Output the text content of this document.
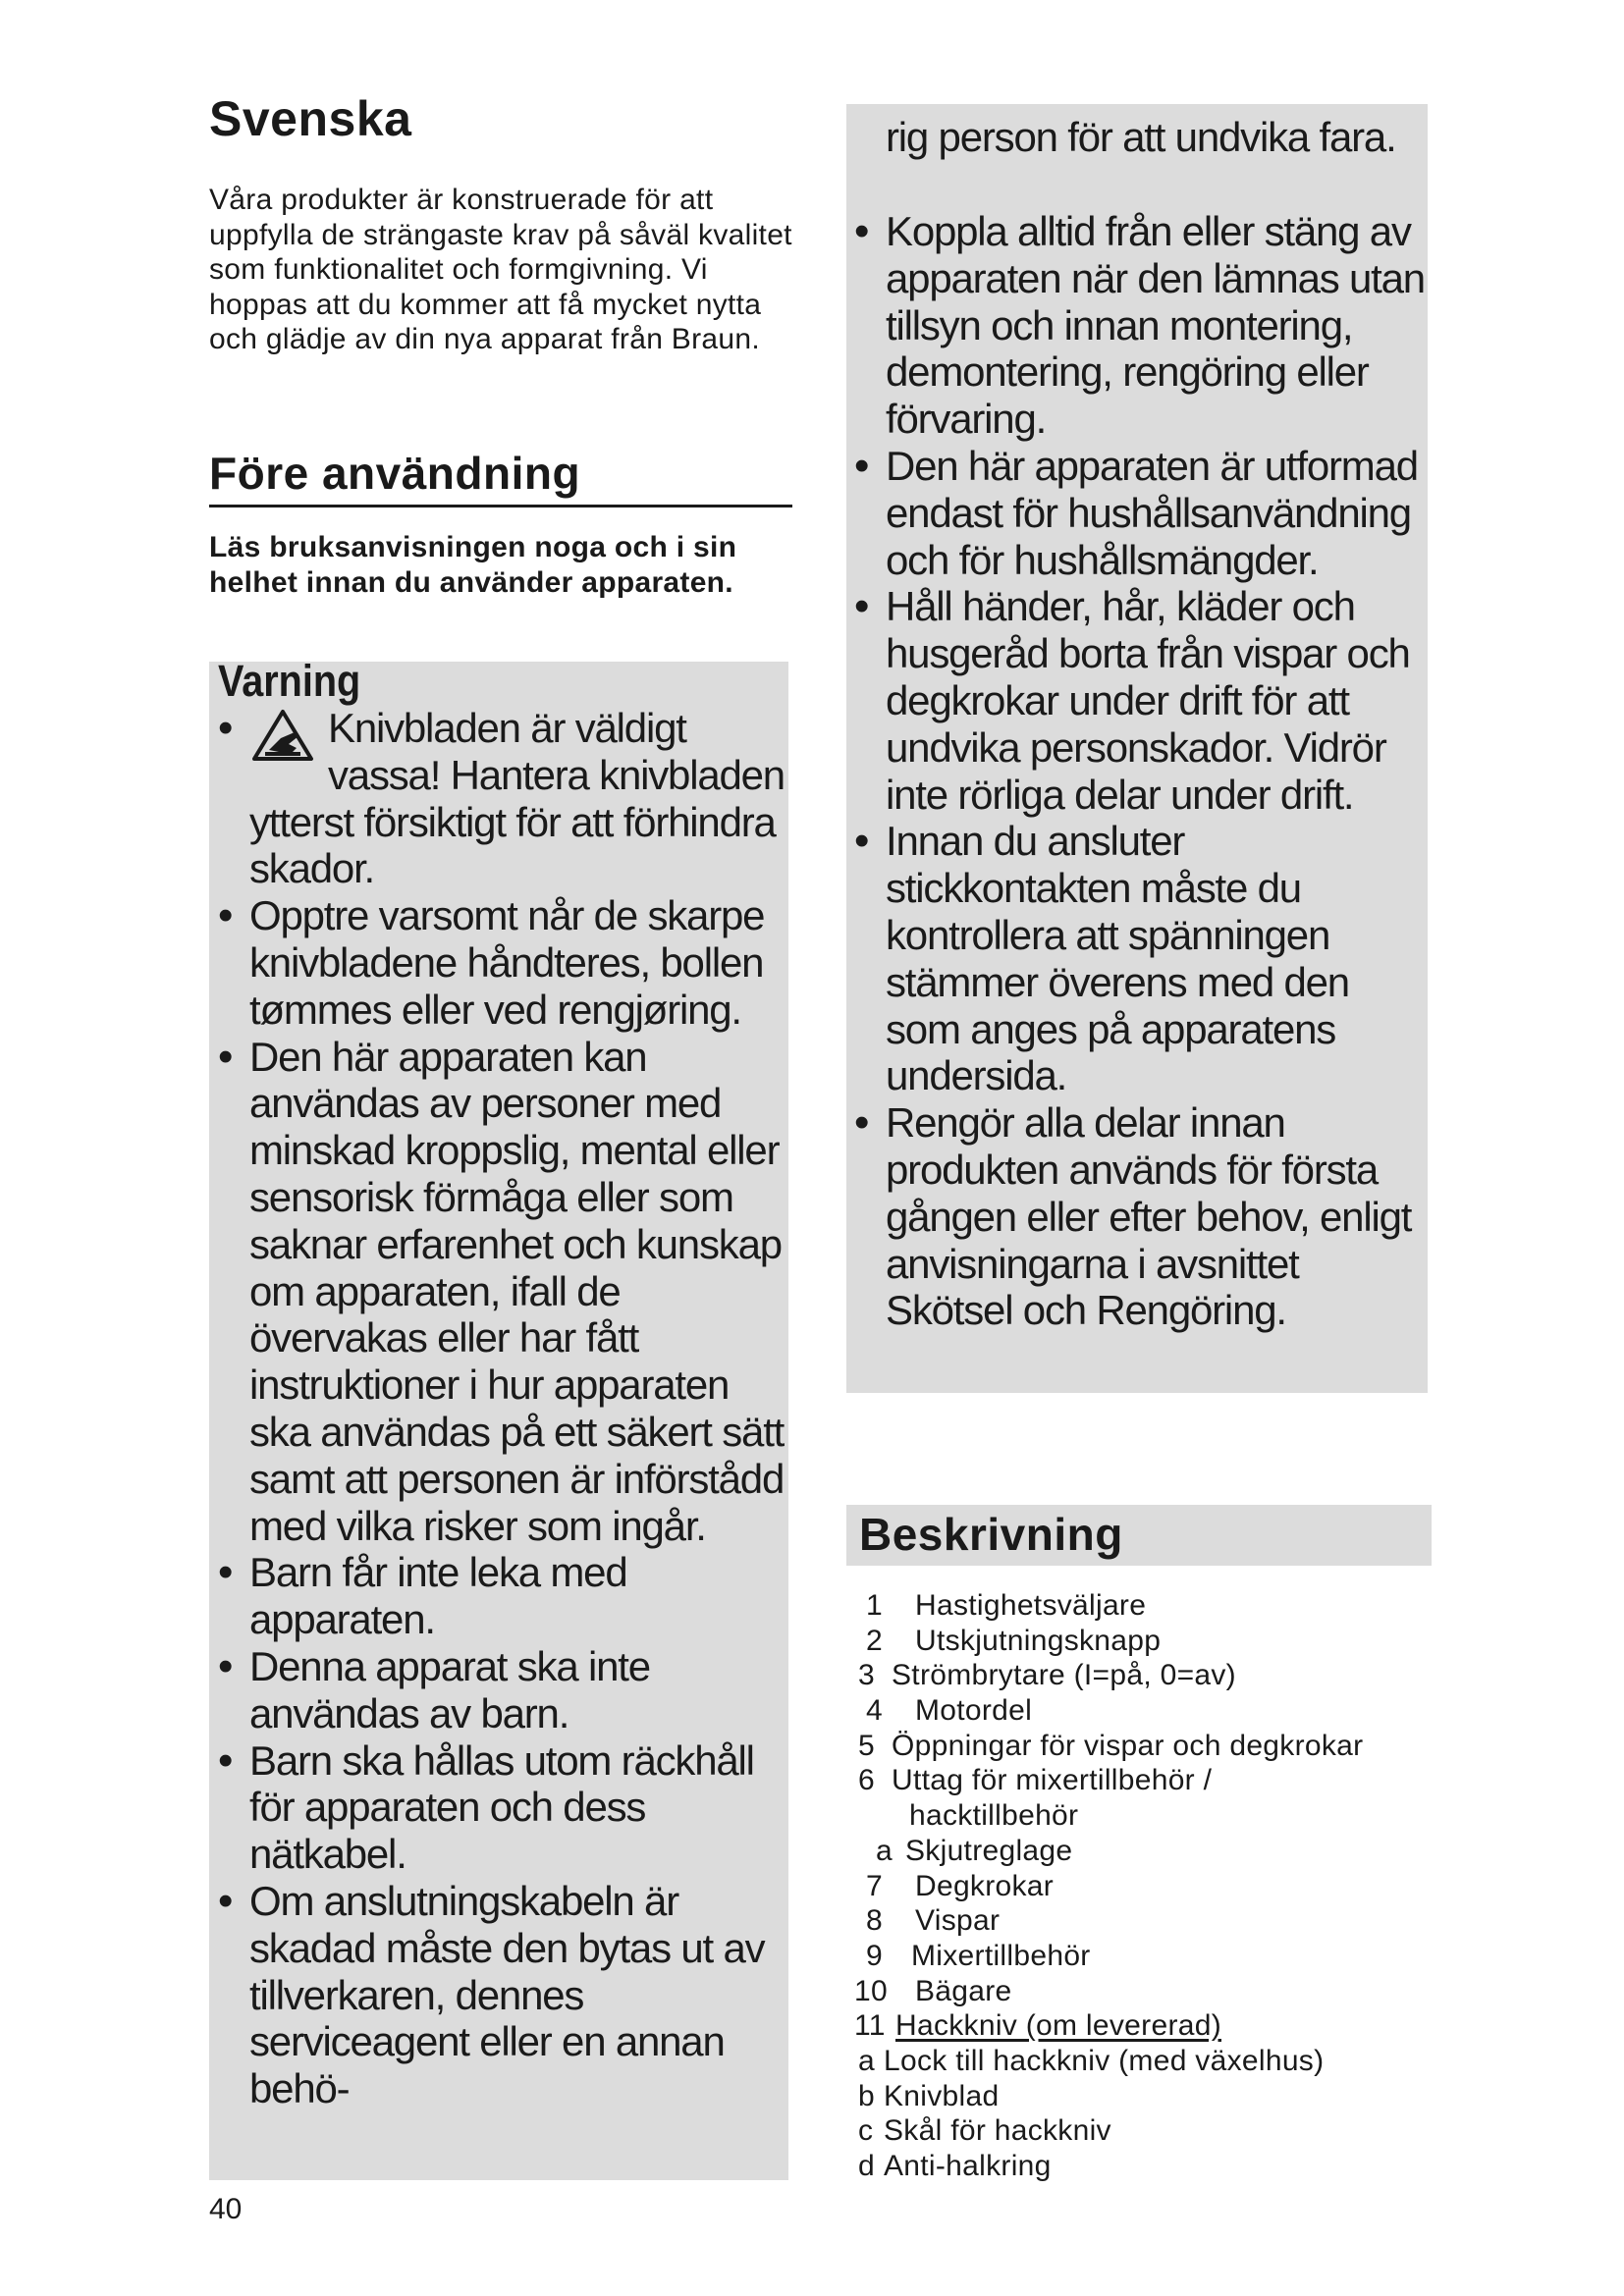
Svenska

Våra produkter är konstruerade för att uppfylla de strängaste krav på såväl kvalitet som funktionalitet och formgivning. Vi hoppas att du kommer att få mycket nytta och glädje av din nya apparat från Braun.

Före användning

Läs bruksanvisningen noga och i sin helhet innan du använder apparaten.

Varning
• Knivbladen är väldigt vassa! Hantera knivbladen ytterst försiktigt för att förhindra skador.
• Opptre varsomt når de skarpe knivbladene håndteres, bollen tømmes eller ved rengjøring.
• Den här apparaten kan användas av personer med minskad kroppslig, mental eller sensorisk förmåga eller som saknar erfarenhet och kunskap om apparaten, ifall de övervakas eller har fått instruktioner i hur apparaten ska användas på ett säkert sätt samt att personen är införstådd med vilka risker som ingår.
• Barn får inte leka med apparaten.
• Denna apparat ska inte användas av barn.
• Barn ska hållas utom räckhåll för apparaten och dess nätkabel.
• Om anslutningskabeln är skadad måste den bytas ut av tillverkaren, dennes serviceagent eller en annan behö-

40

rig person för att undvika fara.
• Koppla alltid från eller stäng av apparaten när den lämnas utan tillsyn och innan montering, demontering, rengöring eller förvaring.
• Den här apparaten är utformad endast för hushållsanvändning och för hushållsmängder.
• Håll händer, hår, kläder och husgeråd borta från vispar och degkrokar under drift för att undvika personskador. Vidrör inte rörliga delar under drift.
• Innan du ansluter stickkontakten måste du kontrollera att spänningen stämmer överens med den som anges på apparatens undersida.
• Rengör alla delar innan produkten används för första gången eller efter behov, enligt anvisningarna i avsnittet Skötsel och Rengöring.
Beskrivning
1 Hastighetsväljare
2 Utskjutningsknapp
3 Strömbrytare (I=på, 0=av)
4 Motordel
5 Öppningar för vispar och degkrokar
6 Uttag för mixertillbehör /
hacktillbehör
a Skjutreglage
7 Degkrokar
8 Vispar
9 Mixertillbehör
10 Bägare
11 Hackkniv (om levererad)
a Lock till hackkniv (med växelhus)
b Knivblad
c Skål för hackkniv
d Anti-halkring
